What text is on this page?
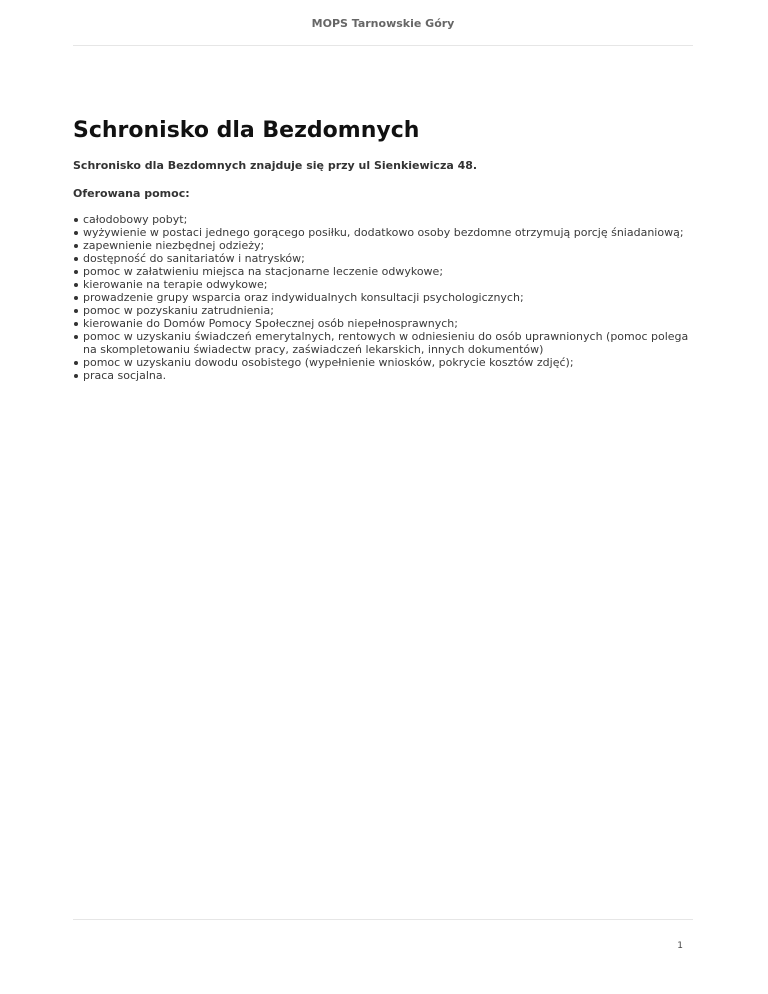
MOPS Tarnowskie Góry
Schronisko dla Bezdomnych

Schronisko dla Bezdomnych znajduje się przy ul Sienkiewicza 48.

Oferowana pomoc:

całodobowy pobyt;
wyżywienie w postaci jednego gorącego posiłku, dodatkowo osoby bezdomne otrzymują porcję śniadaniową;
zapewnienie niezbędnej odzieży;
dostępność do sanitariatów i natrysków;
pomoc w załatwieniu miejsca na stacjonarne leczenie odwykowe;
kierowanie na terapie odwykowe;
prowadzenie grupy wsparcia oraz indywidualnych konsultacji psychologicznych;
pomoc w pozyskaniu zatrudnienia;
kierowanie do Domów Pomocy Społecznej osób niepełnosprawnych;
pomoc w uzyskaniu świadczeń emerytalnych, rentowych w odniesieniu do osób uprawnionych (pomoc polega na skompletowaniu świadectw pracy, zaświadczeń lekarskich, innych dokumentów)
pomoc w uzyskaniu dowodu osobistego (wypełnienie wniosków, pokrycie kosztów zdjęć);
praca socjalna.
1
